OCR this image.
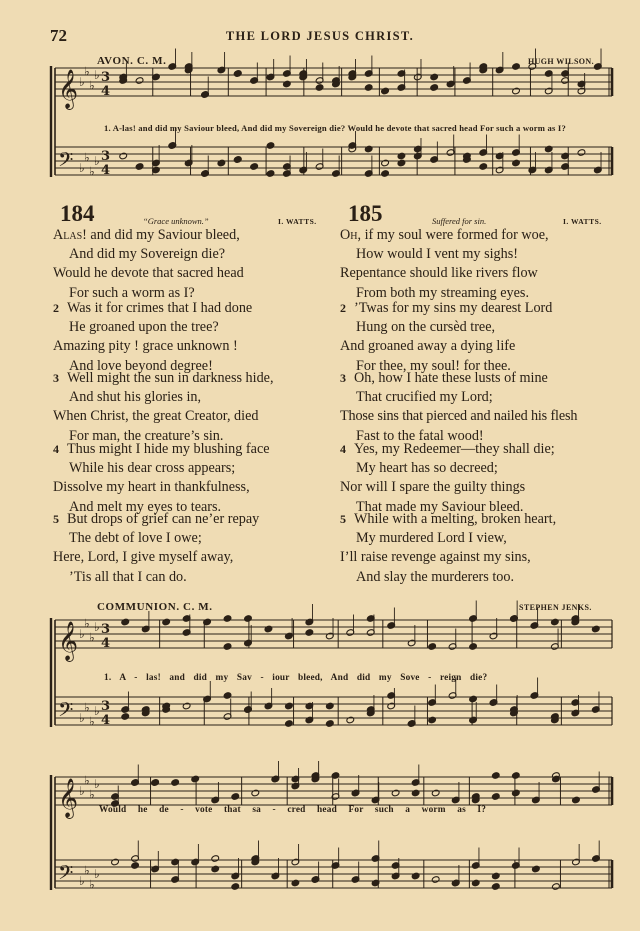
72	THE LORD JESUS CHRIST.
𝄞 ♭
♭
♭
♭
𝄢 ♭
♭
♭
♭
3
4
3
4
𝄞 ♭
♭
♭
♭
𝄢 ♭
♭
♭
♭
3
4
3
4
𝄞 ♭
♭
♭
♭
𝄢 ♭
♭
♭
♭
AVON. C. M.	HUGH WILSON.
1. A-las! and did my Saviour bleed, And did my Sovereign die? Would he devote that sacred head For such a worm as I?
184	“Grace unknown.”	I. WATTS.
Alas! and did my Saviour bleed,
And did my Sovereign die?
Would he devote that sacred head
For such a worm as I?
2 Was it for crimes that I had done
He groaned upon the tree?
Amazing pity ! grace unknown !
And love beyond degree!
3 Well might the sun in darkness hide,
And shut his glories in,
When Christ, the great Creator, died
For man, the creature’s sin.
4 Thus might I hide my blushing face
While his dear cross appears;
Dissolve my heart in thankfulness,
And melt my eyes to tears.
5 But drops of grief can ne’er repay
The debt of love I owe;
Here, Lord, I give myself away,
’Tis all that I can do.
185	Suffered for sin.	I. WATTS.
Oh, if my soul were formed for woe,
How would I vent my sighs!
Repentance should like rivers flow
From both my streaming eyes.
2 ’Twas for my sins my dearest Lord
Hung on the cursèd tree,
And groaned away a dying life
For thee, my soul! for thee.
3 Oh, how I hate these lusts of mine
That crucified my Lord;
Those sins that pierced and nailed his flesh
Fast to the fatal wood!
4 Yes, my Redeemer—they shall die;
My heart has so decreed;
Nor will I spare the guilty things
That made my Saviour bleed.
5 While with a melting, broken heart,
My murdered Lord I view,
I’ll raise revenge against my sins,
And slay the murderers too.
COMMUNION. C. M.	STEPHEN JENKS.
1. A - las! and did my Sav - iour bleed, And did my Sove - reign die?
Would he de - vote that sa - cred head For such a worm as I?
